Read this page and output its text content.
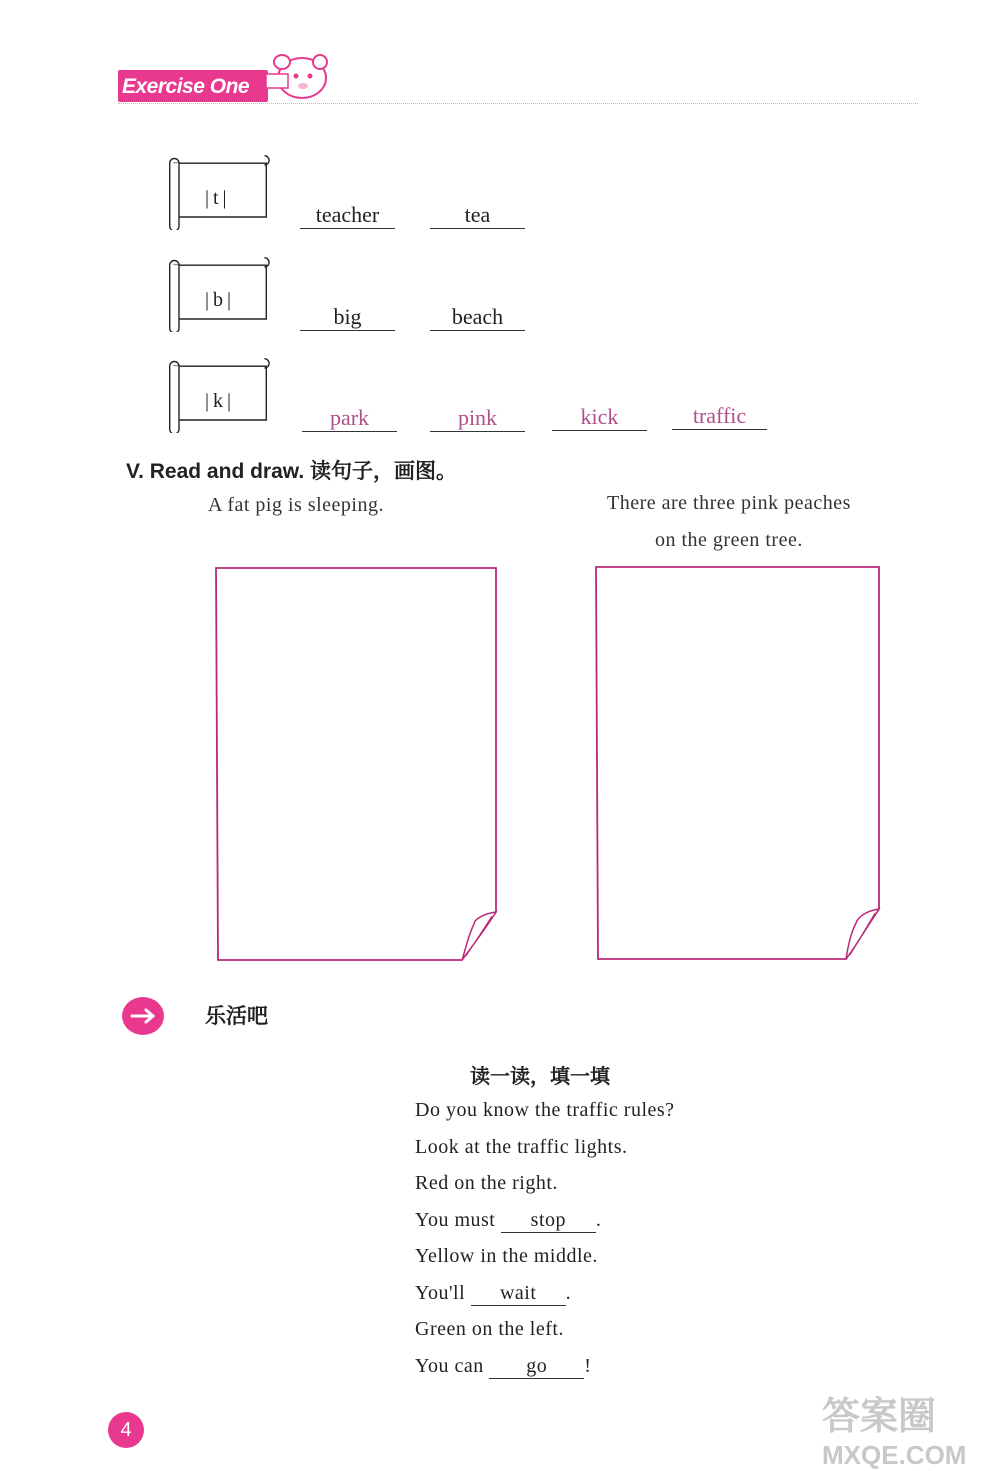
Exercise One
|t|
teacher	tea
|b|
big	beach
|k|
park	pink	kick	traffic
V. Read and draw. 读句子，画图。
A fat pig is sleeping.	There are three pink peaches
on the green tree.
乐活吧
读一读，填一填
Do you know the traffic rules?
Look at the traffic lights.
Red on the right.
You must stop .
Yellow in the middle.
You'll wait .
Green on the left.
You can go !
4	答案圈
MXQE.COM
